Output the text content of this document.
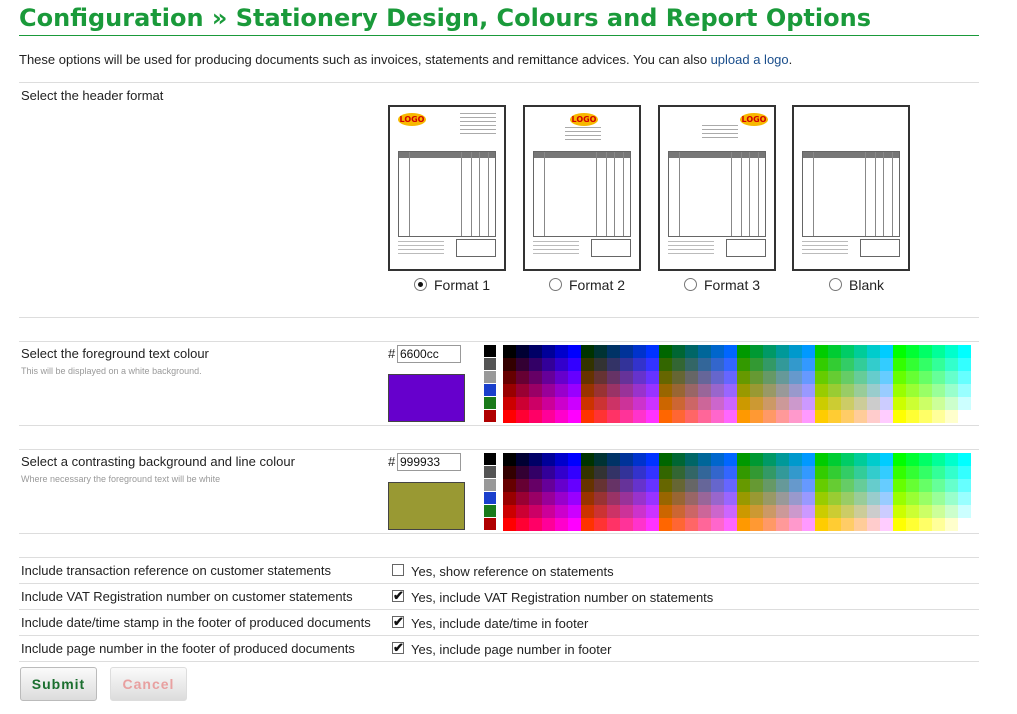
Configuration » Stationery Design, Colours and Report Options
These options will be used for producing documents such as invoices, statements and remittance advices. You can also upload a logo.
Select the header format
LOGO	LOGO	LOGO
Format 1	Format 2	Format 3	Blank
Select the foreground text colour
This will be displayed on a white background.
#
6600cc
Select a contrasting background and line colour
Where necessary the foreground text will be white
#
999933
Include transaction reference on customer statements	Yes, show reference on statements
Include VAT Registration number on customer statements	✔ Yes, include VAT Registration number on statements
Include date/time stamp in the footer of produced documents ✔ Yes, include date/time in footer
Include page number in the footer of produced documents	✔ Yes, include page number in footer
Submit	Cancel
